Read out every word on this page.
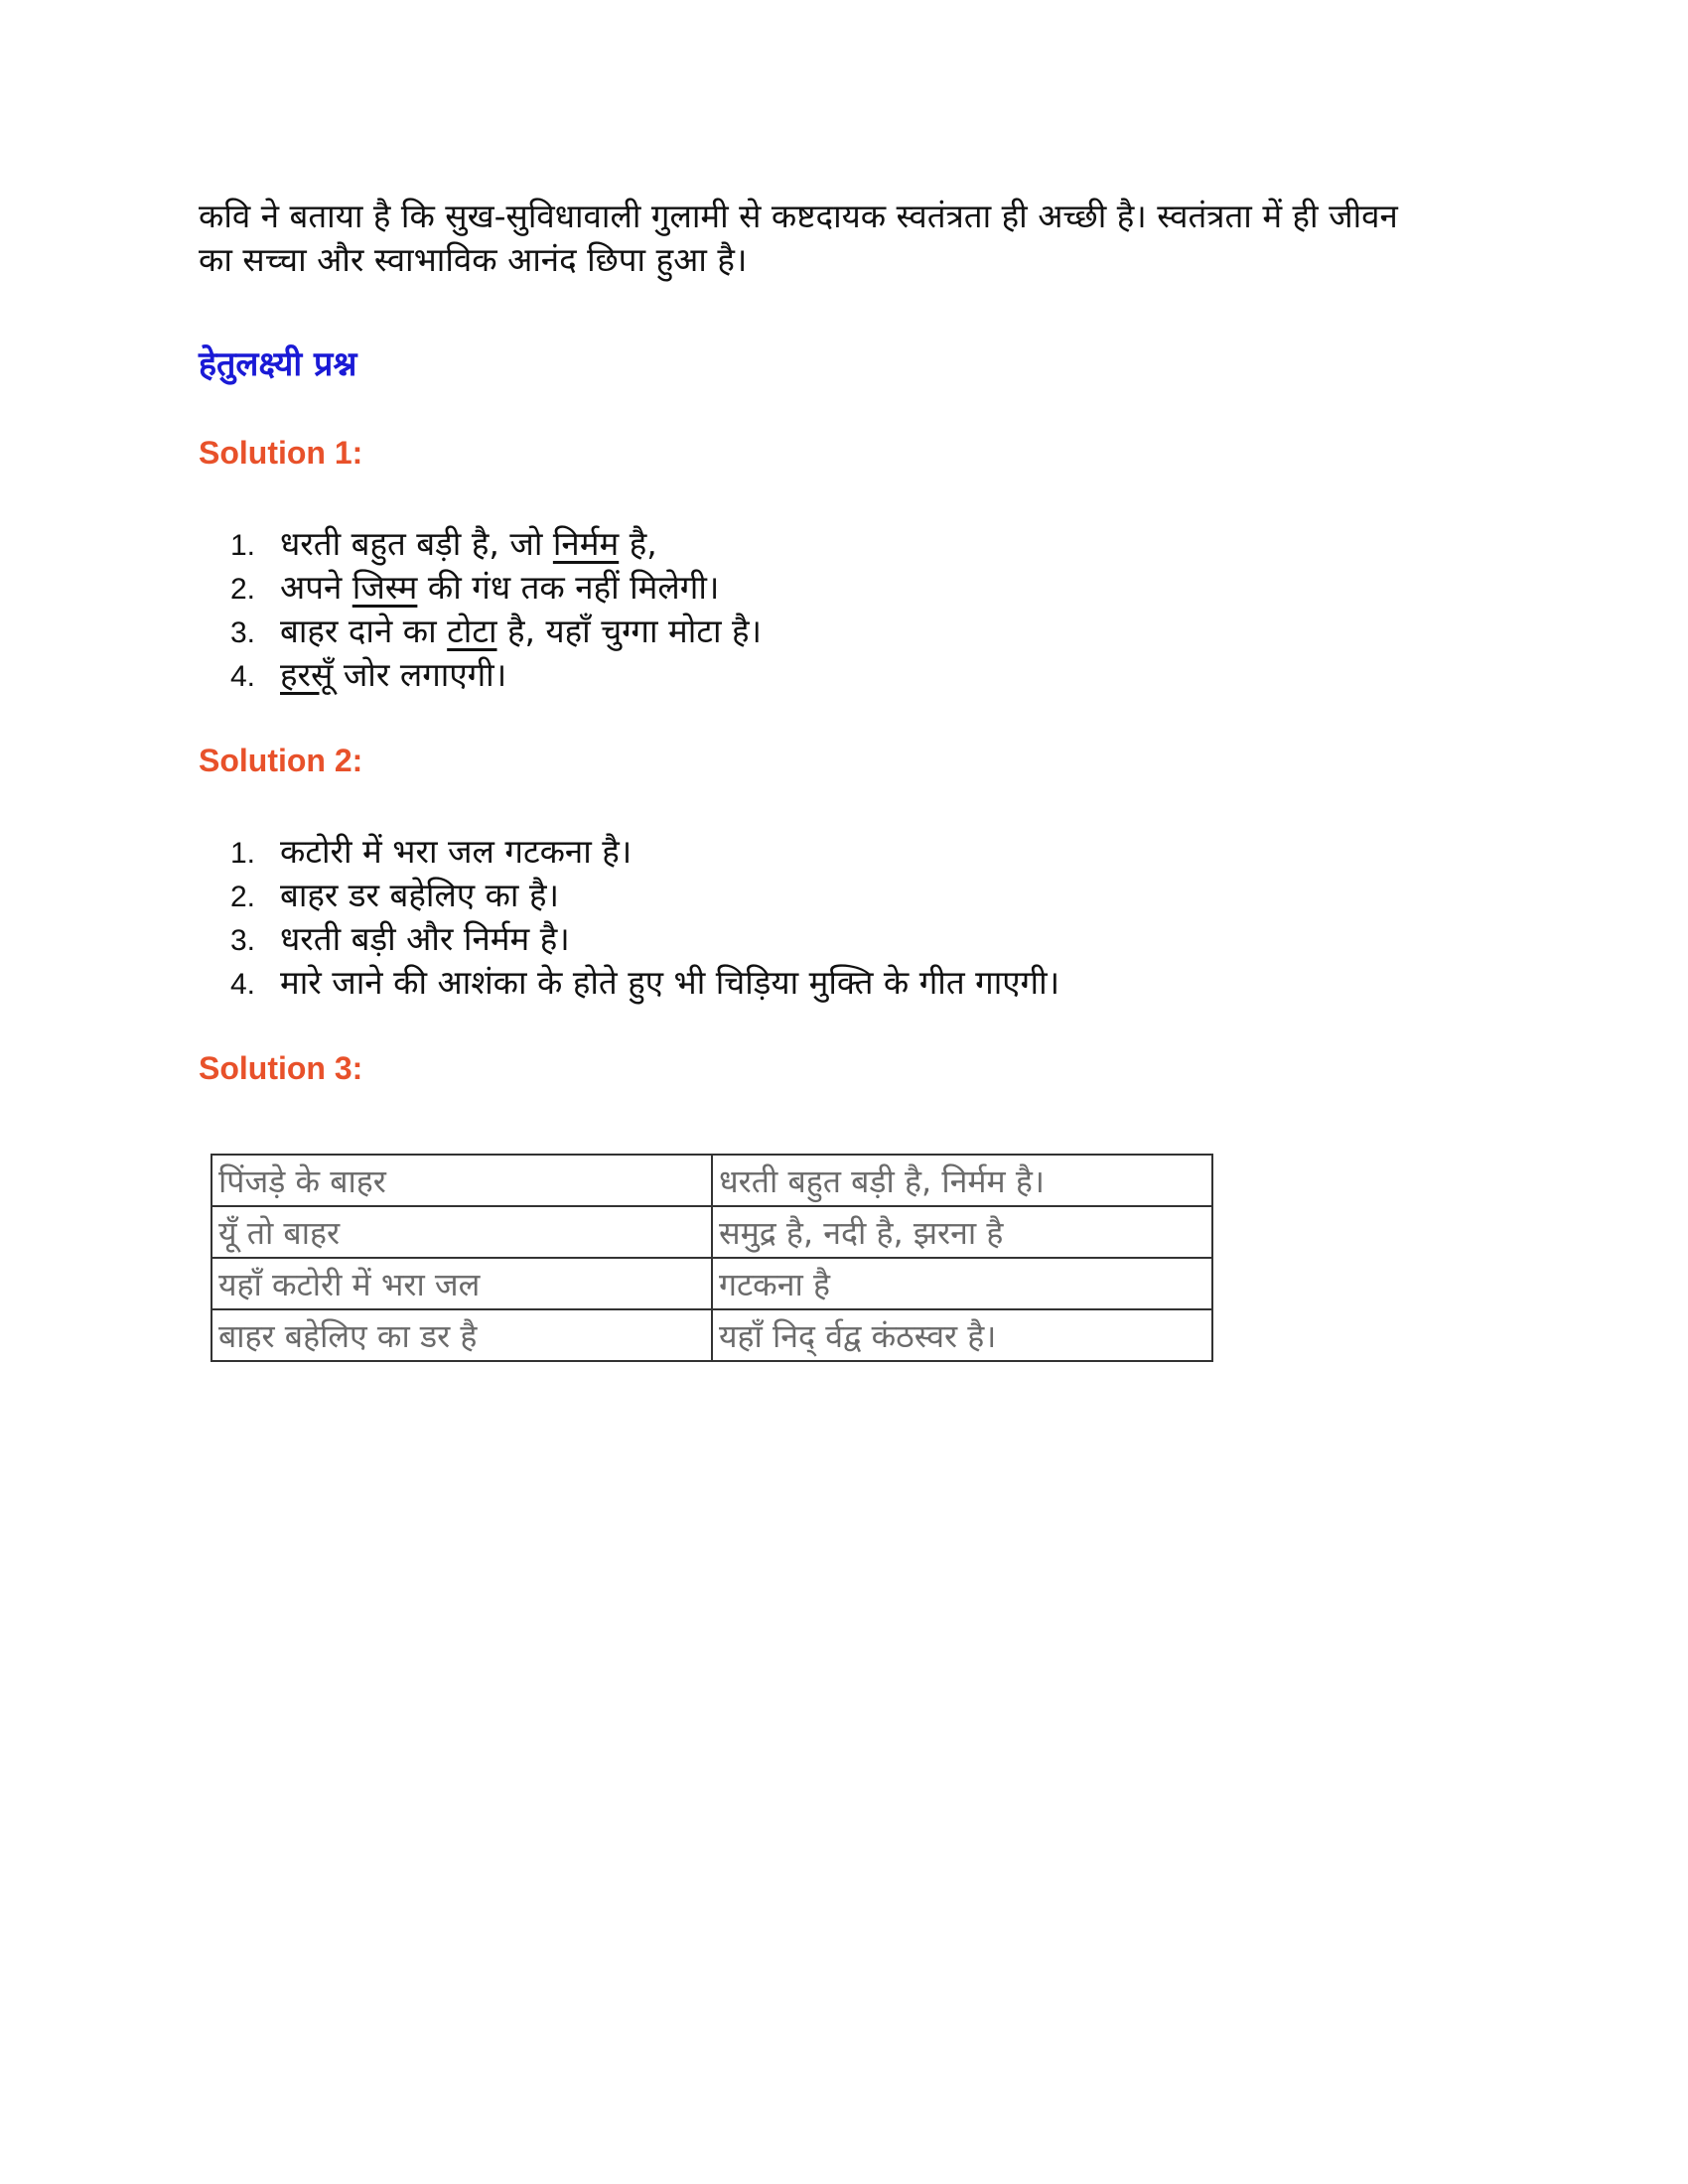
कवि ने बताया है कि सुख-सुविधावाली गुलामी से कष्टदायक स्वतंत्रता ही अच्छी है। स्वतंत्रता में ही जीवन
का सच्चा और स्वाभाविक आनंद छिपा हुआ है।

हेतुलक्ष्यी प्रश्न
Solution 1:
1. धरती बहुत बड़ी है, जो निर्मम है,
2. अपने जिस्म की गंध तक नहीं मिलेगी।
3. बाहर दाने का टोटा है, यहाँ चुग्गा मोटा है।
4. हरसूँ जोर लगाएगी।
Solution 2:
1. कटोरी में भरा जल गटकना है।
2. बाहर डर बहेलिए का है।
3. धरती बड़ी और निर्मम है।
4. मारे जाने की आशंका के होते हुए भी चिड़िया मुक्ति के गीत गाएगी।
Solution 3:
पिंजड़े के बाहर	धरती बहुत बड़ी है, निर्मम है।
यूँ तो बाहर	समुद्र है, नदी है, झरना है
यहाँ कटोरी में भरा जल	गटकना है
बाहर बहेलिए का डर है	यहाँ निद् र्वद्व कंठस्वर है।
